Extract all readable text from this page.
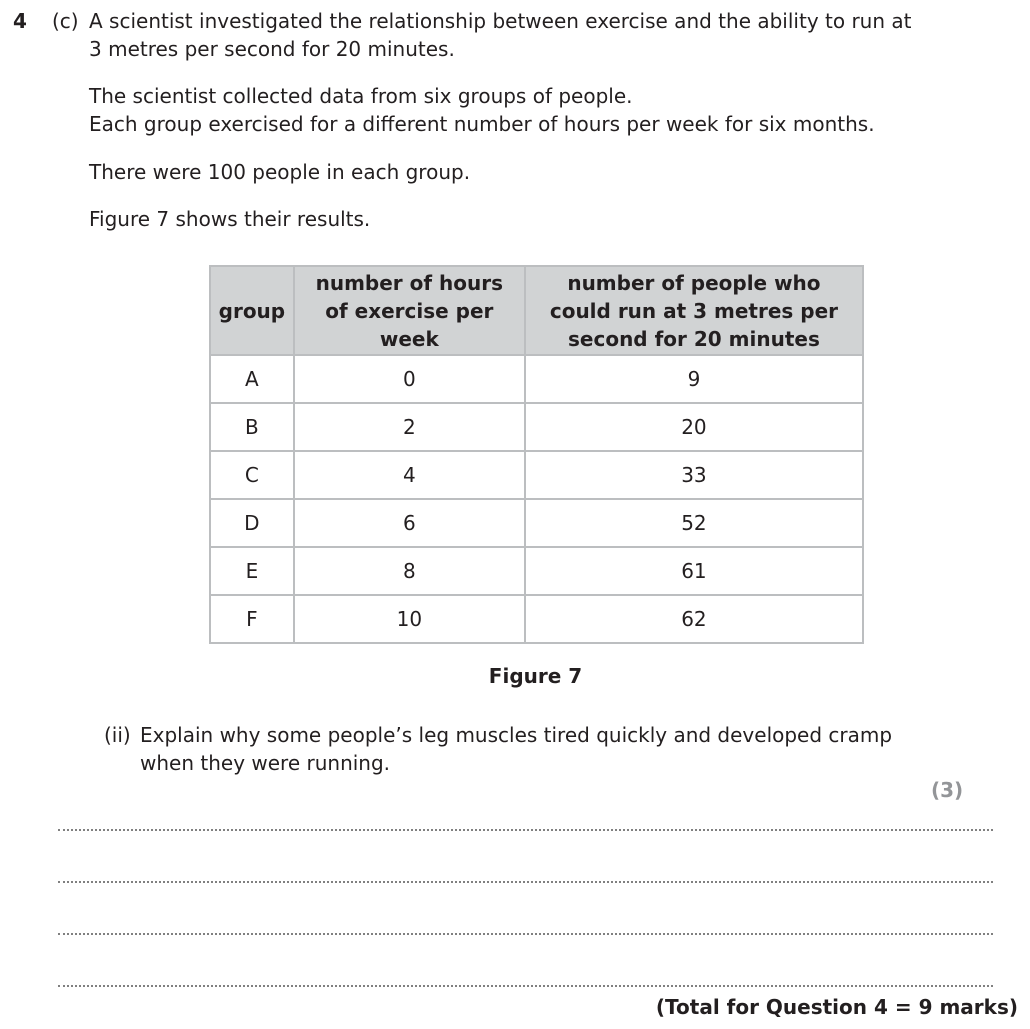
4 (c) A scientist investigated the relationship between exercise and the ability to run at
3 metres per second for 20 minutes.
The scientist collected data from six groups of people.
Each group exercised for a different number of hours per week for six months.
There were 100 people in each group.
Figure 7 shows their results.
group	number of hours of exercise per week	number of people who could run at 3 metres per second for 20 minutes
A	0	9
B	2	20
C	4	33
D	6	52
E	8	61
F	10	62
Figure 7
(ii) Explain why some people’s leg muscles tired quickly and developed cramp
when they were running.
(3)
(Total for Question 4 = 9 marks)
